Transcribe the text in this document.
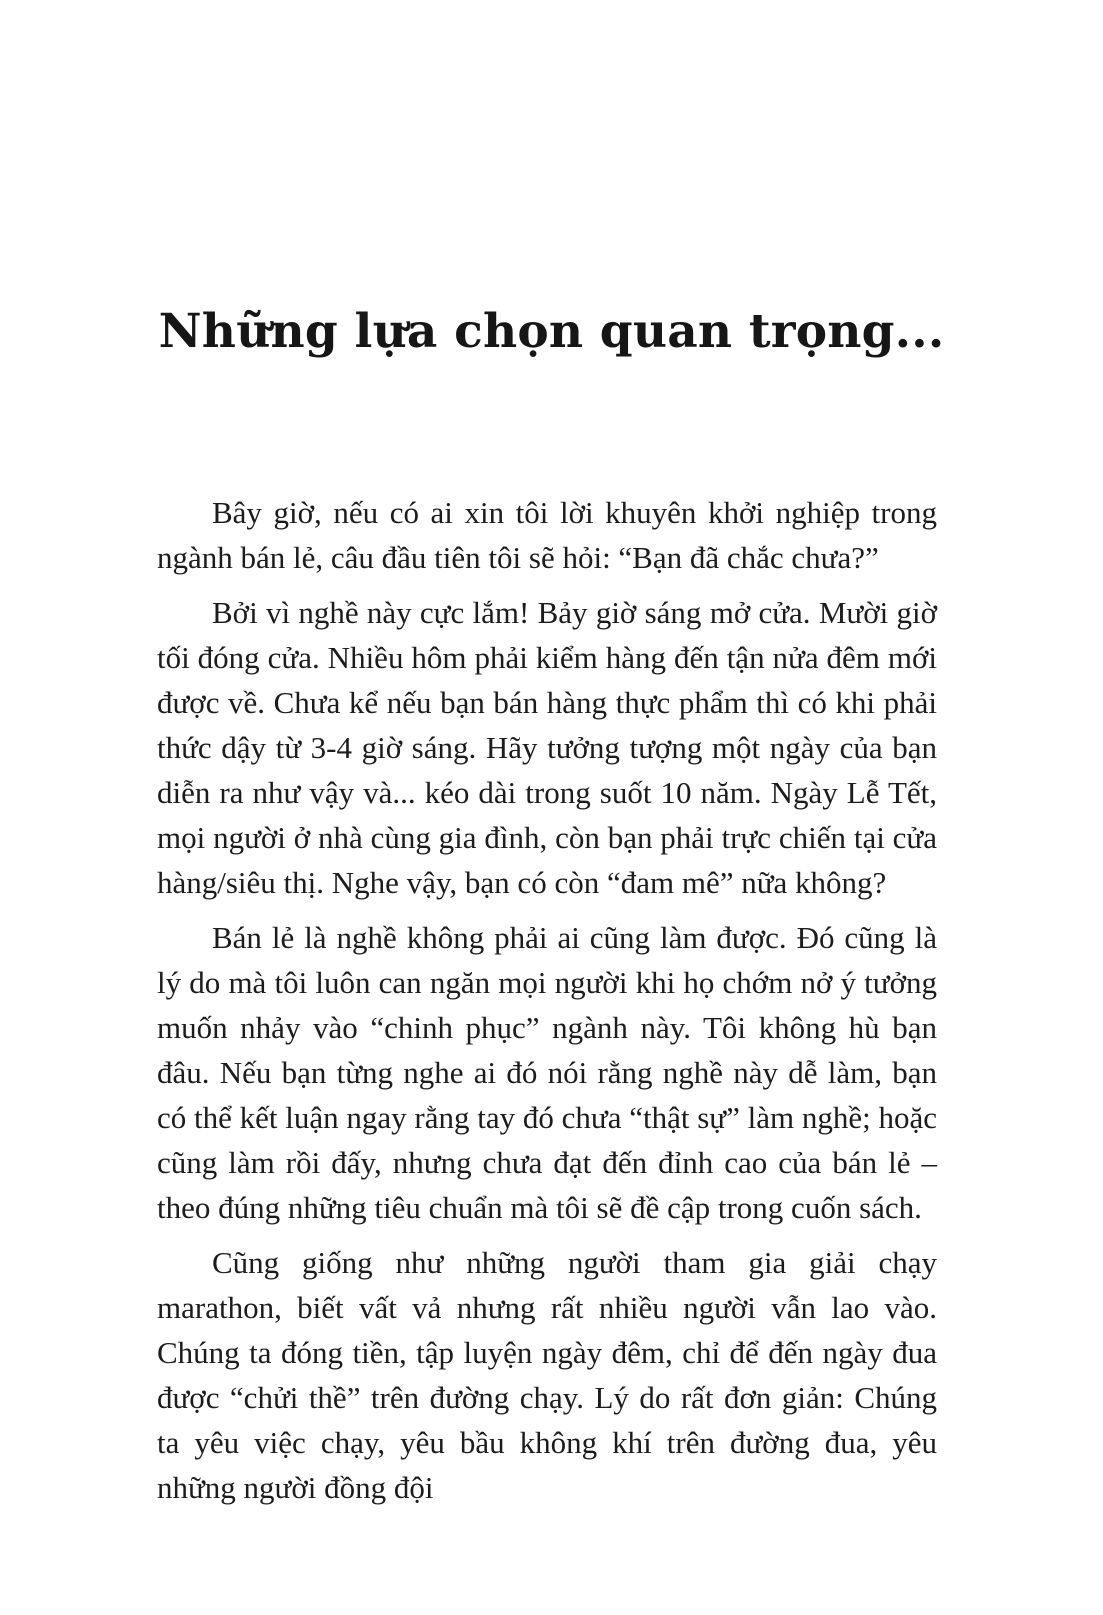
Những lựa chọn quan trọng...

Bây giờ, nếu có ai xin tôi lời khuyên khởi nghiệp trong ngành bán lẻ, câu đầu tiên tôi sẽ hỏi: “Bạn đã chắc chưa?”

Bởi vì nghề này cực lắm! Bảy giờ sáng mở cửa. Mười giờ tối đóng cửa. Nhiều hôm phải kiểm hàng đến tận nửa đêm mới được về. Chưa kể nếu bạn bán hàng thực phẩm thì có khi phải thức dậy từ 3-4 giờ sáng. Hãy tưởng tượng một ngày của bạn diễn ra như vậy và... kéo dài trong suốt 10 năm. Ngày Lễ Tết, mọi người ở nhà cùng gia đình, còn bạn phải trực chiến tại cửa hàng/siêu thị. Nghe vậy, bạn có còn “đam mê” nữa không?

Bán lẻ là nghề không phải ai cũng làm được. Đó cũng là lý do mà tôi luôn can ngăn mọi người khi họ chớm nở ý tưởng muốn nhảy vào “chinh phục” ngành này. Tôi không hù bạn đâu. Nếu bạn từng nghe ai đó nói rằng nghề này dễ làm, bạn có thể kết luận ngay rằng tay đó chưa “thật sự” làm nghề; hoặc cũng làm rồi đấy, nhưng chưa đạt đến đỉnh cao của bán lẻ – theo đúng những tiêu chuẩn mà tôi sẽ đề cập trong cuốn sách.

Cũng giống như những người tham gia giải chạy marathon, biết vất vả nhưng rất nhiều người vẫn lao vào. Chúng ta đóng tiền, tập luyện ngày đêm, chỉ để đến ngày đua được “chửi thề” trên đường chạy. Lý do rất đơn giản: Chúng ta yêu việc chạy, yêu bầu không khí trên đường đua, yêu những người đồng đội
